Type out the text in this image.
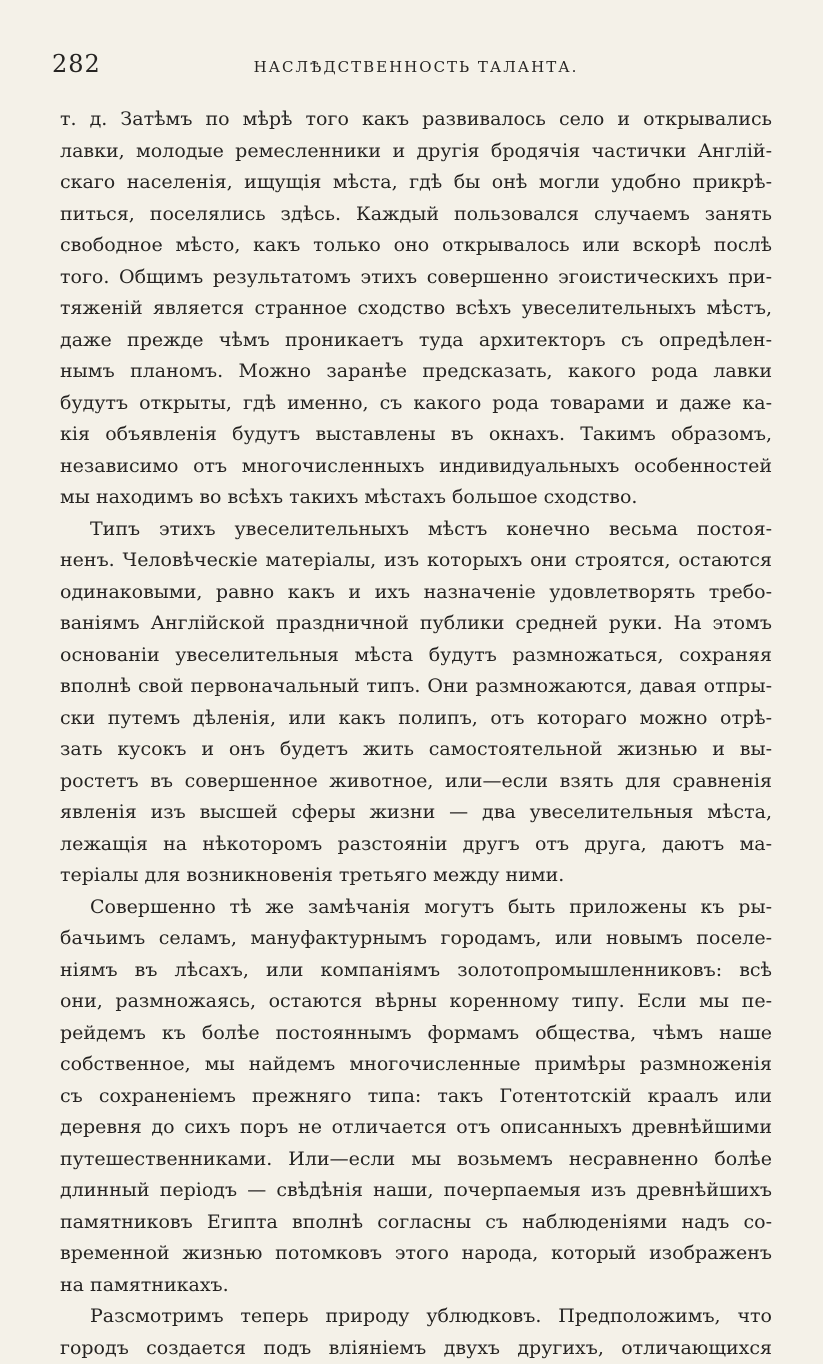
282	НАСЛѢДСТВЕННОСТЬ ТАЛАНТА.

т. д. Затѣмъ по мѣрѣ того какъ развивалось село и открывались
лавки, молодые ремесленники и другія бродячія частички Англій-
скаго населенія, ищущія мѣста, гдѣ бы онѣ могли удобно прикрѣ-
питься, поселялись здѣсь. Каждый пользовался случаемъ занять
свободное мѣсто, какъ только оно открывалось или вскорѣ послѣ
того. Общимъ результатомъ этихъ совершенно эгоистическихъ при-
тяженій является странное сходство всѣхъ увеселительныхъ мѣстъ,
даже прежде чѣмъ проникаетъ туда архитекторъ съ опредѣлен-
нымъ планомъ. Можно заранѣе предсказать, какого рода лавки
будутъ открыты, гдѣ именно, съ какого рода товарами и даже ка-
кія объявленія будутъ выставлены въ окнахъ. Такимъ образомъ,
независимо отъ многочисленныхъ индивидуальныхъ особенностей
мы находимъ во всѣхъ такихъ мѣстахъ большое сходство.

Типъ этихъ увеселительныхъ мѣстъ конечно весьма постоя-
ненъ. Человѣческіе матеріалы, изъ которыхъ они строятся, остаются
одинаковыми, равно какъ и ихъ назначеніе удовлетворять требо-
ваніямъ Англійской праздничной публики средней руки. На этомъ
основаніи увеселительныя мѣста будутъ размножаться, сохраняя
вполнѣ свой первоначальный типъ. Они размножаются, давая отпры-
ски путемъ дѣленія, или какъ полипъ, отъ котораго можно отрѣ-
зать кусокъ и онъ будетъ жить самостоятельной жизнью и вы-
ростетъ въ совершенное животное, или—если взять для сравненія
явленія изъ высшей сферы жизни — два увеселительныя мѣста,
лежащія на нѣкоторомъ разстояніи другъ отъ друга, даютъ ма-
теріалы для возникновенія третьяго между ними.

Совершенно тѣ же замѣчанія могутъ быть приложены къ ры-
бачьимъ селамъ, мануфактурнымъ городамъ, или новымъ поселе-
ніямъ въ лѣсахъ, или компаніямъ золотопромышленниковъ: всѣ
они, размножаясь, остаются вѣрны коренному типу. Если мы пе-
рейдемъ къ болѣе постояннымъ формамъ общества, чѣмъ наше
собственное, мы найдемъ многочисленные примѣры размноженія
съ сохраненіемъ прежняго типа: такъ Готентотскій краалъ или
деревня до сихъ поръ не отличается отъ описанныхъ древнѣйшими
путешественниками. Или—если мы возьмемъ несравненно болѣе
длинный періодъ — свѣдѣнія наши, почерпаемыя изъ древнѣйшихъ
памятниковъ Египта вполнѣ согласны съ наблюденіями надъ со-
временной жизнью потомковъ этого народа, который изображенъ
на памятникахъ.

Разсмотримъ теперь природу ублюдковъ. Предположимъ, что
городъ создается подъ вліяніемъ двухъ другихъ, отличающихся
